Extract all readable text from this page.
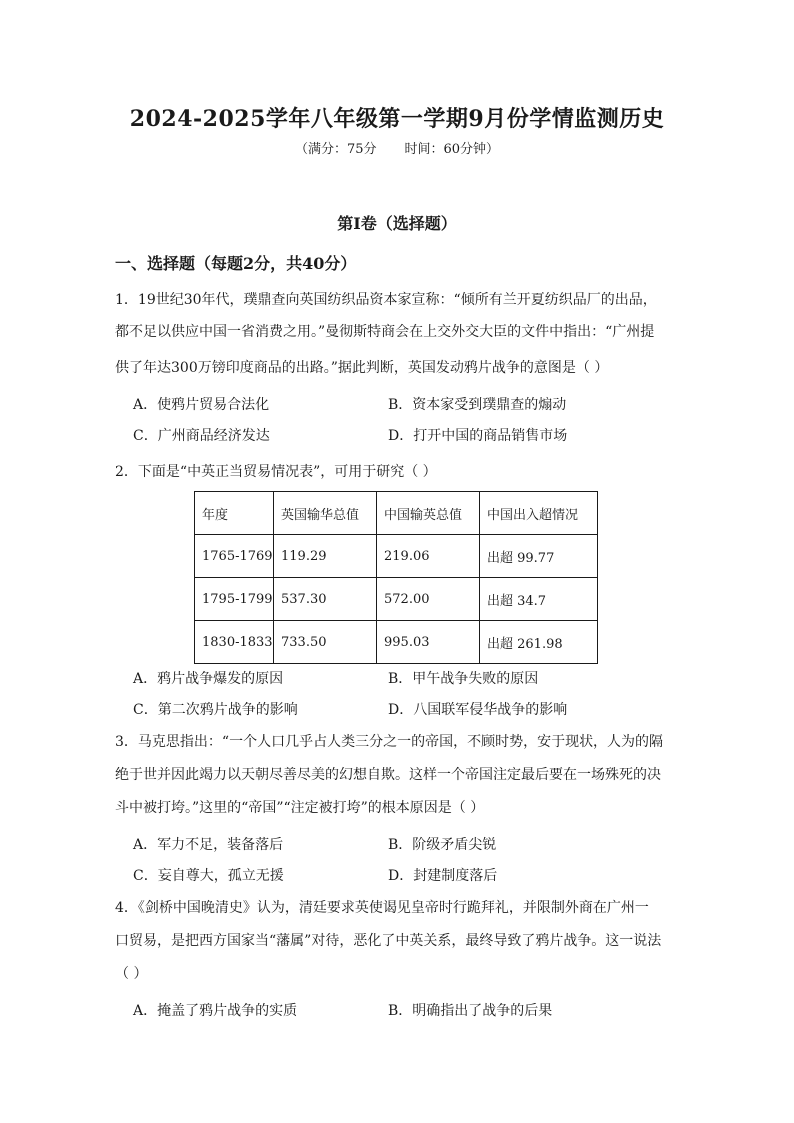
2024-2025学年八年级第一学期9月份学情监测历史
（满分：75分 时间：60分钟）
第Ⅰ卷（选择题）
一、选择题（每题2分，共40分）
1．19世纪30年代，璞鼎查向英国纺织品资本家宣称：“倾所有兰开夏纺织品厂的出品，
都不足以供应中国一省消费之用。”曼彻斯特商会在上交外交大臣的文件中指出：“广州提
供了年达300万镑印度商品的出路。”据此判断，英国发动鸦片战争的意图是（ ）
A．使鸦片贸易合法化	B．资本家受到璞鼎查的煽动
C．广州商品经济发达	D．打开中国的商品销售市场
2．下面是“中英正当贸易情况表”，可用于研究（ ）
年度	英国输华总值	中国输英总值	中国出入超情况
1765-1769	119.29	219.06	出超 99.77
1795-1799	537.30	572.00	出超 34.7
1830-1833	733.50	995.03	出超 261.98
A．鸦片战争爆发的原因	B．甲午战争失败的原因
C．第二次鸦片战争的影响	D．八国联军侵华战争的影响
3．马克思指出：“一个人口几乎占人类三分之一的帝国，不顾时势，安于现状，人为的隔
绝于世并因此竭力以天朝尽善尽美的幻想自欺。这样一个帝国注定最后要在一场殊死的决
斗中被打垮。”这里的“帝国”“注定被打垮”的根本原因是（ ）
A．军力不足，装备落后	B．阶级矛盾尖锐
C．妄自尊大，孤立无援	D．封建制度落后
4．《剑桥中国晚清史》认为，清廷要求英使谒见皇帝时行跪拜礼，并限制外商在广州一
口贸易，是把西方国家当“藩属”对待，恶化了中英关系，最终导致了鸦片战争。这一说法
（ ）
A．掩盖了鸦片战争的实质	B．明确指出了战争的后果
